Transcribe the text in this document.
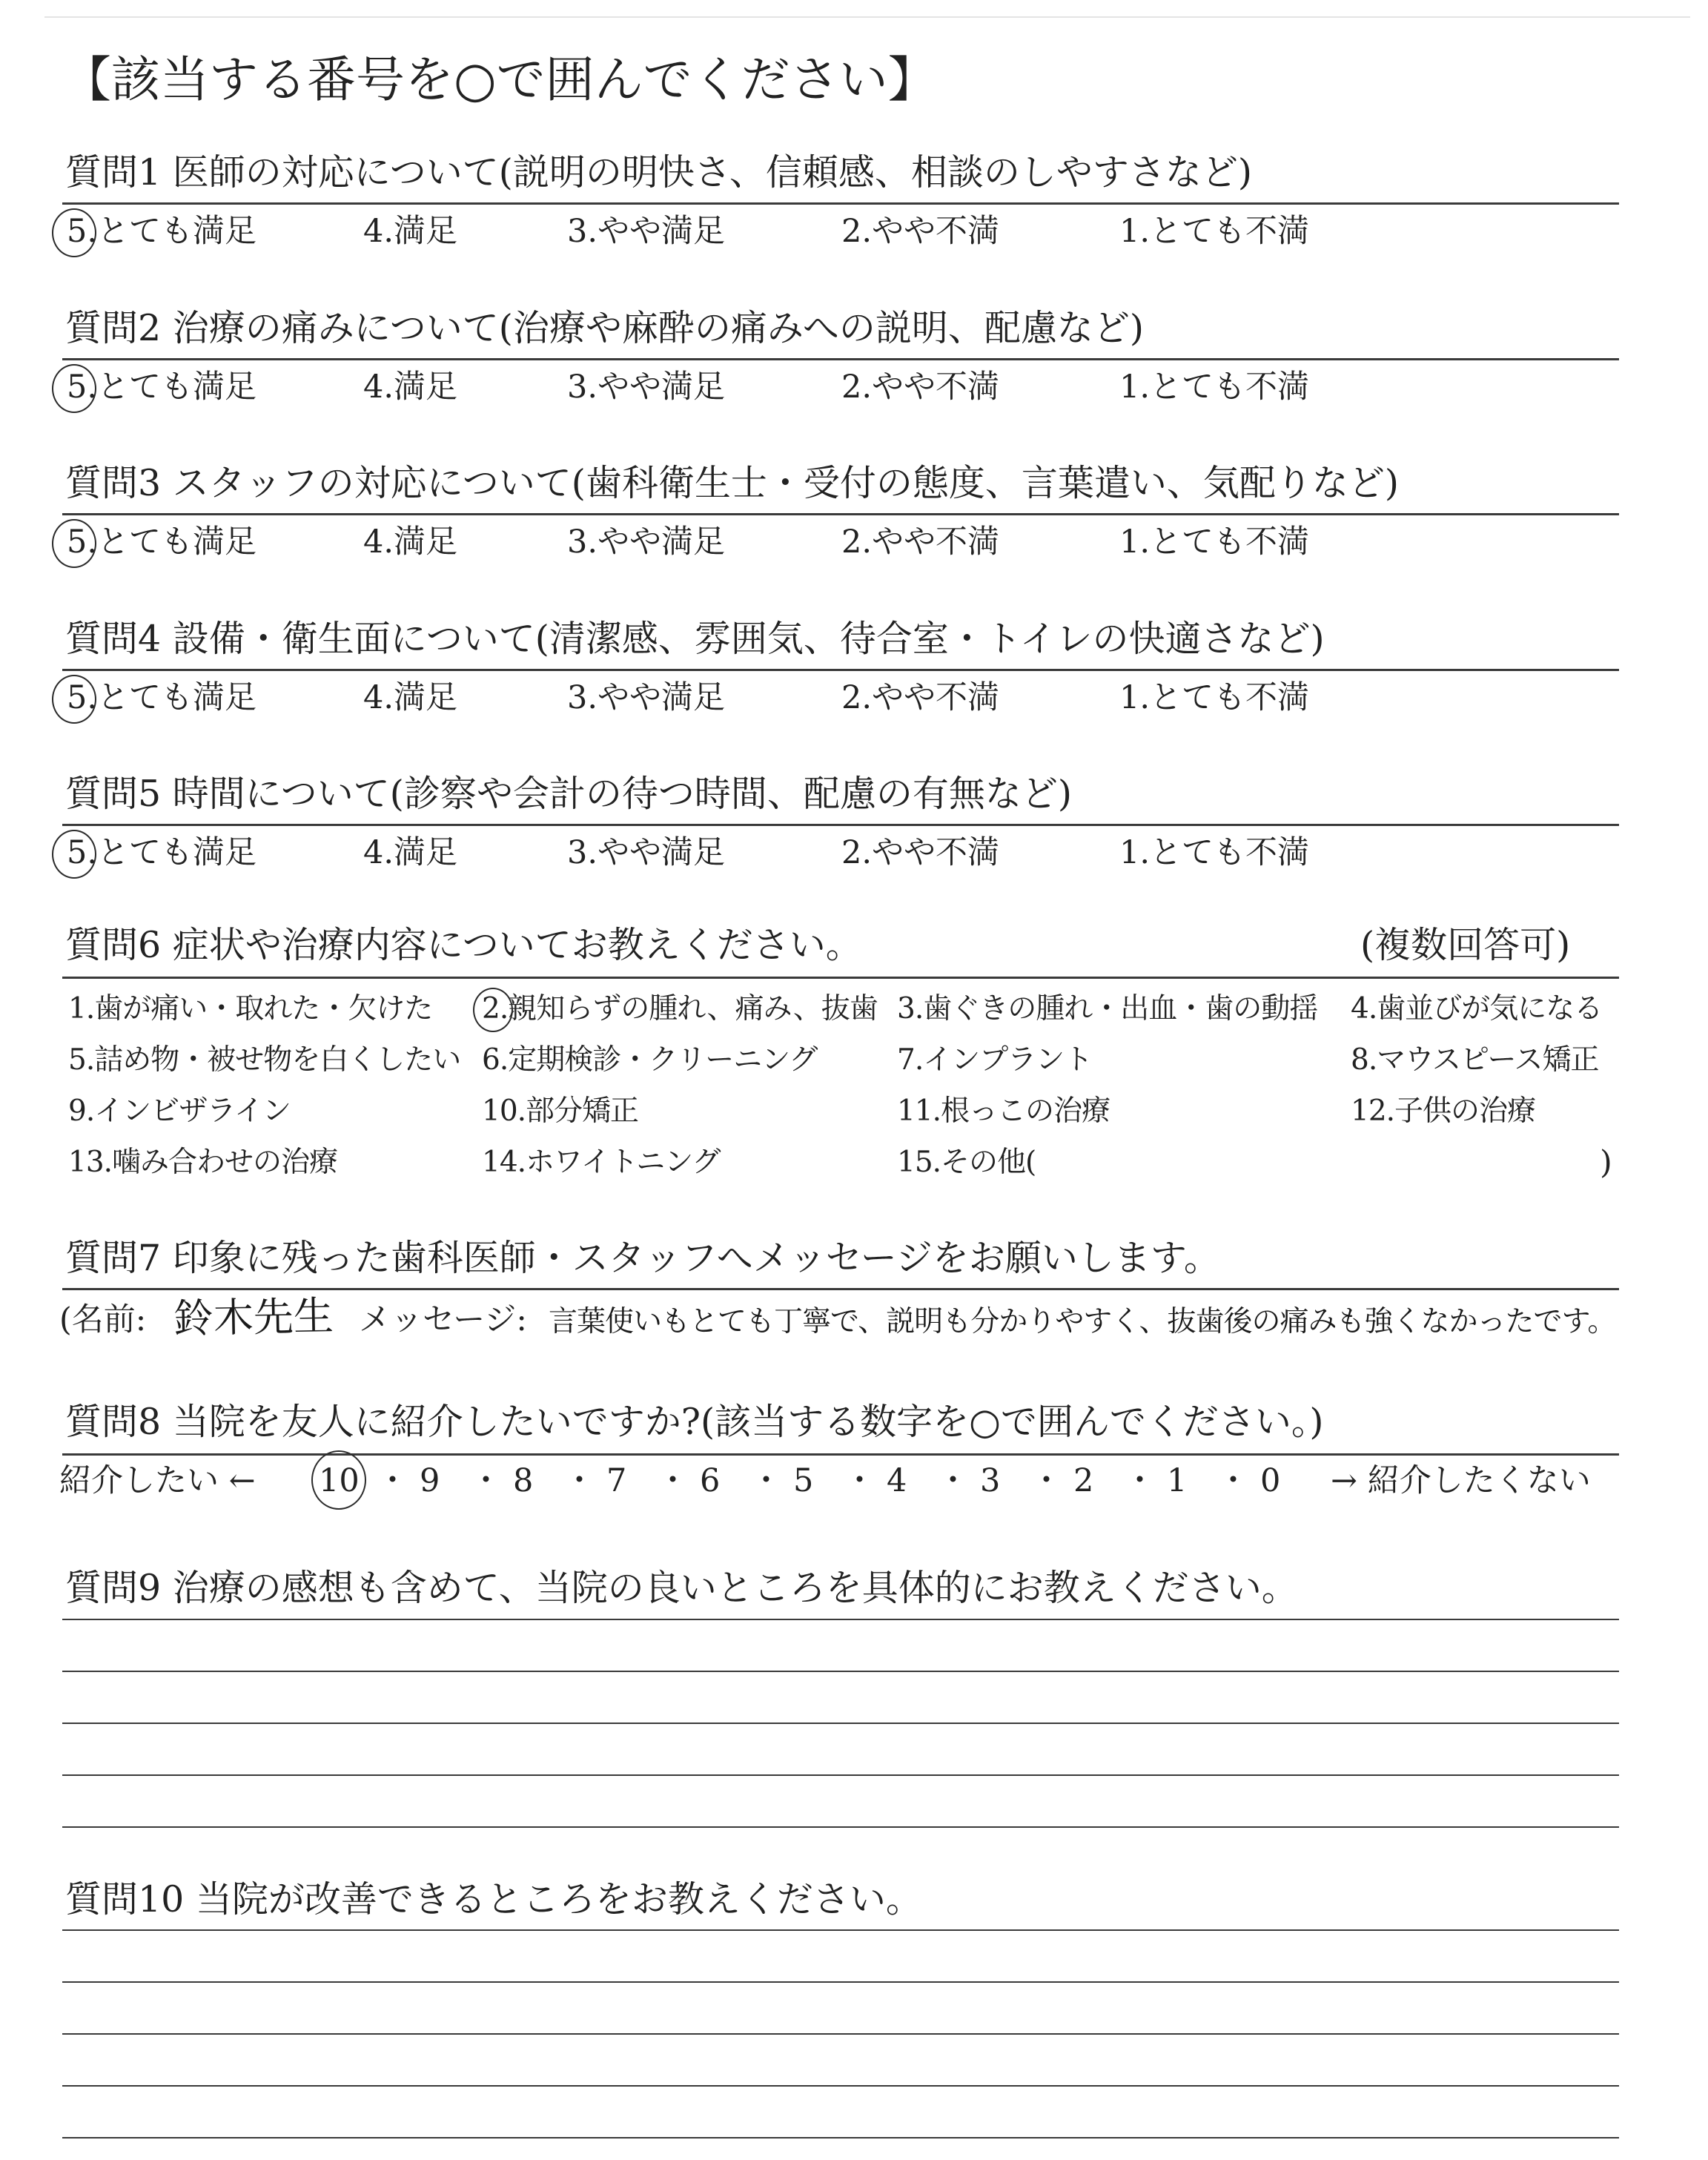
【該当する番号を○で囲んでください】
質問1 医師の対応について(説明の明快さ、信頼感、相談のしやすさなど)
5.とても満足	4.満足	3.やや満足	2.やや不満	1.とても不満
質問2 治療の痛みについて(治療や麻酔の痛みへの説明、配慮など)
5.とても満足	4.満足	3.やや満足	2.やや不満	1.とても不満
質問3 スタッフの対応について(歯科衛生士・受付の態度、言葉遣い、気配りなど)
5.とても満足	4.満足	3.やや満足	2.やや不満	1.とても不満
質問4 設備・衛生面について(清潔感、雰囲気、待合室・トイレの快適さなど)
5.とても満足	4.満足	3.やや満足	2.やや不満	1.とても不満
質問5 時間について(診察や会計の待つ時間、配慮の有無など)
5.とても満足	4.満足	3.やや満足	2.やや不満	1.とても不満
質問6 症状や治療内容についてお教えください。	(複数回答可)
1.歯が痛い・取れた・欠けた 2.親知らずの腫れ、痛み、抜歯 3.歯ぐきの腫れ・出血・歯の動揺 4.歯並びが気になる
5.詰め物・被せ物を白くしたい 6.定期検診・クリーニング	7.インプラント	8.マウスピース矯正
9.インビザライン	10.部分矯正	11.根っこの治療	12.子供の治療
13.噛み合わせの治療	14.ホワイトニング	15.その他(	)
質問7 印象に残った歯科医師・スタッフへメッセージをお願いします。
(名前: 鈴木先生 メッセージ: 言葉使いもとても丁寧で、説明も分かりやすく、抜歯後の痛みも強くなかったです。
質問8 当院を友人に紹介したいですか?(該当する数字を○で囲んでください。)
紹介したい ← 10 ・ 9 ・ 8 ・ 7 ・ 6 ・ 5 ・ 4 ・ 3 ・ 2 ・ 1 ・ 0 → 紹介したくない
質問9 治療の感想も含めて、当院の良いところを具体的にお教えください。
質問10 当院が改善できるところをお教えください。
